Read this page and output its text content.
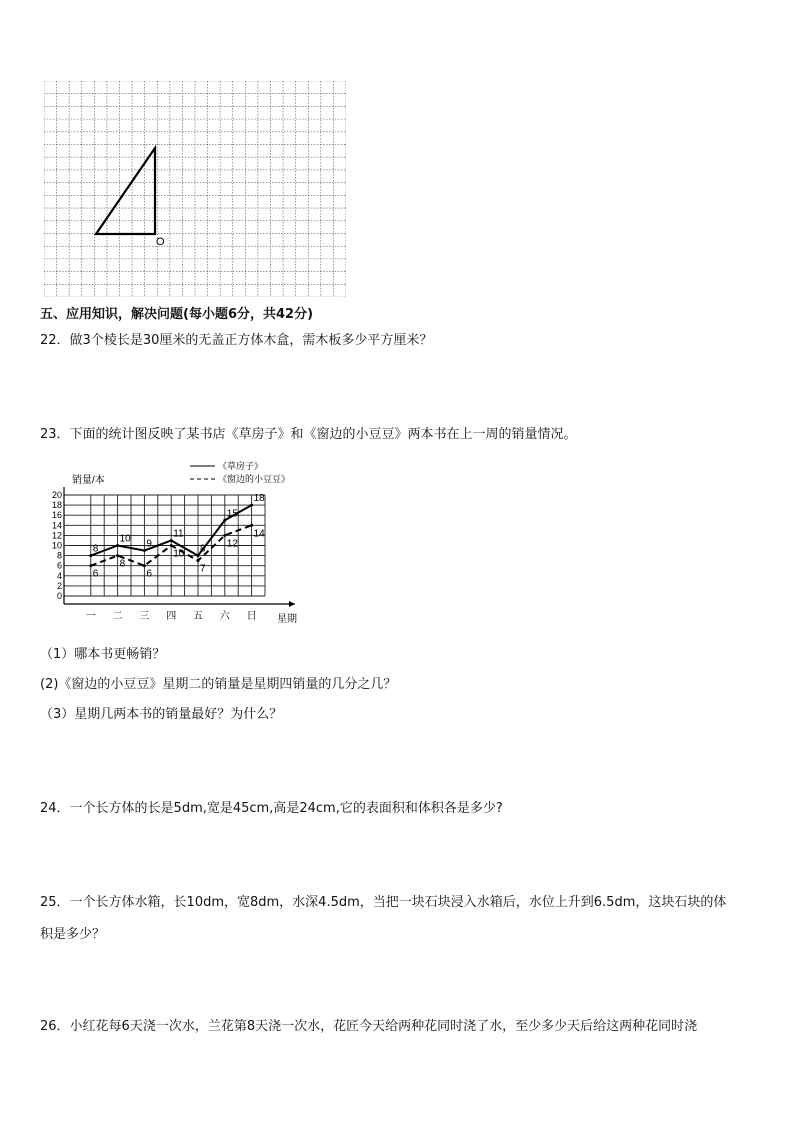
O
五、应用知识，解决问题(每小题6分，共42分)
22．做3个棱长是30厘米的无盖正方体木盒，需木板多少平方厘米？
23．下面的统计图反映了某书店《草房子》和《窗边的小豆豆》两本书在上一周的销量情况。
0
2
4
6
8
10
12
14
16
18
20
销量/本
星期
一 二 三 四 五 六 日
《草房子》
《窗边的小豆豆》
8
10 9
11
8
15
18
6
8
6
10
7
12
14
（1）哪本书更畅销？
(2)《窗边的小豆豆》星期二的销量是星期四销量的几分之几？
（3）星期几两本书的销量最好？为什么？
24．一个长方体的长是5dm,宽是45cm,高是24cm,它的表面积和体积各是多少?
25．一个长方体水箱，长10dm，宽8dm，水深4.5dm，当把一块石块浸入水箱后，水位上升到6.5dm，这块石块的体
积是多少？
26．小红花每6天浇一次水，兰花第8天浇一次水，花匠今天给两种花同时浇了水，至少多少天后给这两种花同时浇
